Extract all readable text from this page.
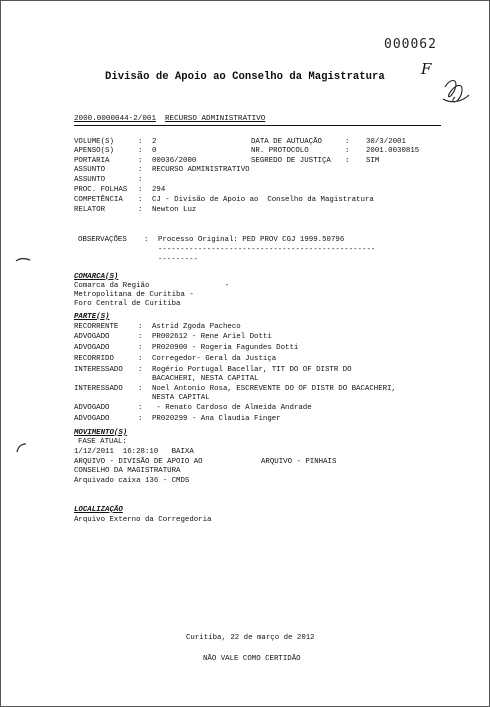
000062
F
Divisão de Apoio ao Conselho da Magistratura
2000.0000044-2/001 RECURSO ADMINISTRATIVO
VOLUME(S)	: 2
APENSO(S)	: 0
PORTARIA	: 00036/2000
ASSUNTO	: RECURSO ADMINISTRATIVO
ASSUNTO	:
PROC. FOLHAS : 294
COMPETÊNCIA : CJ - Divisão de Apoio ao  Conselho da Magistratura
RELATOR	: Newton Luz
DATA DE AUTUAÇÃO	: 30/3/2001
NR. PROTOCOLO	: 2001.0030815
SEGREDO DE JUSTIÇA : SIM
OBSERVAÇÕES : Processo Original: PED PROV CGJ 1999.50796
-------------------------------------------------
---------
COMARCA(S)
Comarca da Região                 -
Metropolitana de Curitiba -
Foro Central de Curitiba
PARTE(S)
RECORRENTE	: Astrid Zgoda Pacheco
ADVOGADO	: PR002612 - Rene Ariel Dotti
ADVOGADO	: PR020900 - Rogeria Fagundes Dotti
RECORRIDO	: Corregedor- Geral da Justiça
INTERESSADO : Rogério Portugal Bacellar, TIT DO OF DISTR DO
BACACHERI, NESTA CAPITAL
INTERESSADO : Noel Antonio Rosa, ESCREVENTE DO OF DISTR DO BACACHERI,
NESTA CAPITAL
ADVOGADO	: - Renato Cardoso de Almeida Andrade
ADVOGADO	: PR020299 - Ana Claudia Finger
MOVIMENTO(S)
FASE ATUAL:
1/12/2011  16:28:10   BAIXA
ARQUIVO - DIVISÃO DE APOIO AO	ARQUIVO - PINHAIS
CONSELHO DA MAGISTRATURA
Arquivado caixa 136 - CMDS
LOCALIZAÇÃO
Arquivo Externo da Corregedoria
Curitiba, 22 de março de 2012
NÃO VALE COMO CERTIDÃO
